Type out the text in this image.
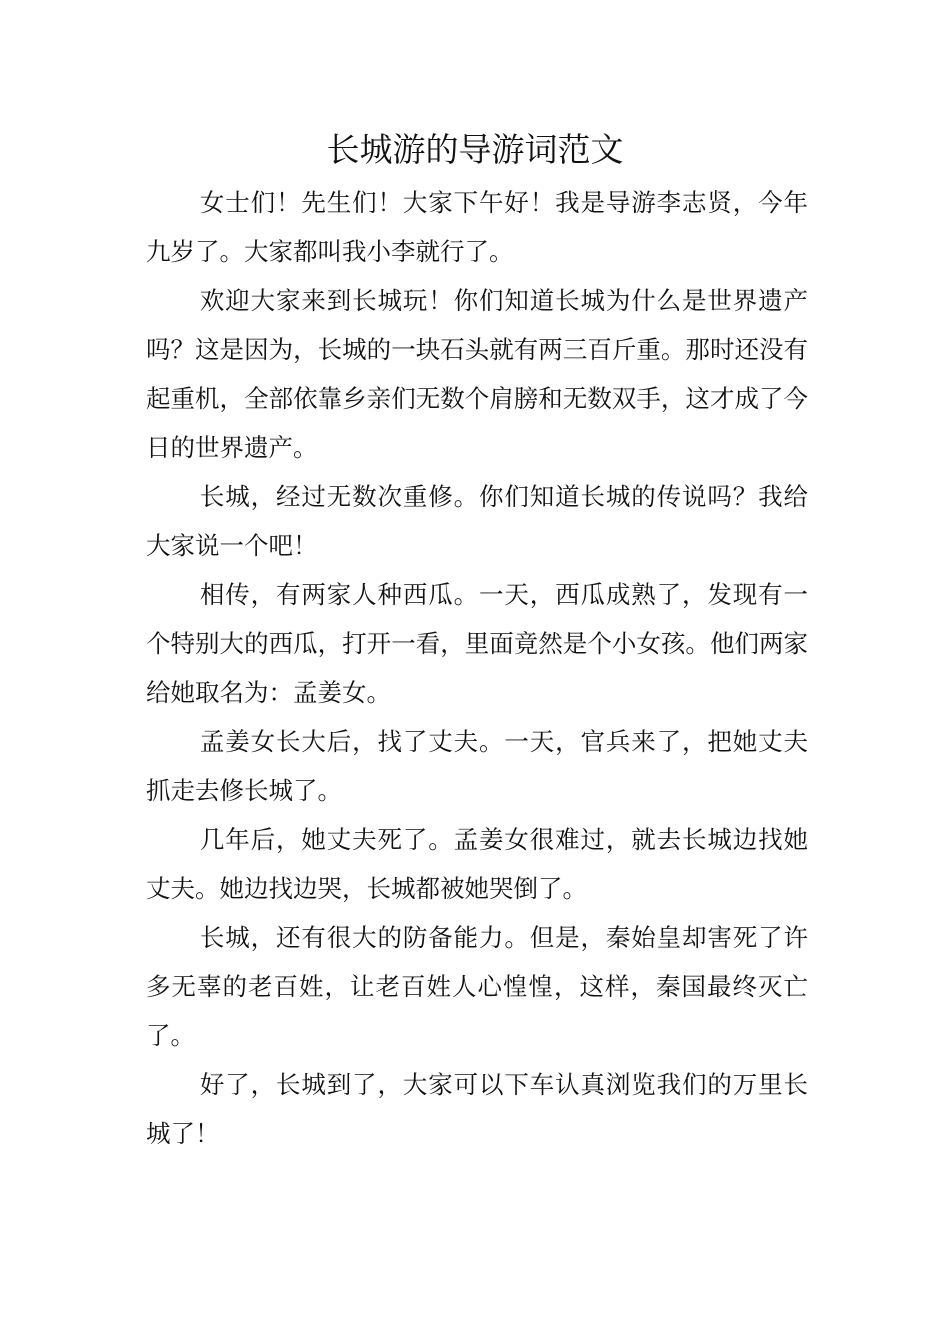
长城游的导游词范文

女士们！先生们！大家下午好！我是导游李志贤，今年九岁了。大家都叫我小李就行了。

欢迎大家来到长城玩！你们知道长城为什么是世界遗产吗？这是因为，长城的一块石头就有两三百斤重。那时还没有起重机，全部依靠乡亲们无数个肩膀和无数双手，这才成了今日的世界遗产。

长城，经过无数次重修。你们知道长城的传说吗？我给大家说一个吧！

相传，有两家人种西瓜。一天，西瓜成熟了，发现有一个特别大的西瓜，打开一看，里面竟然是个小女孩。他们两家给她取名为：孟姜女。

孟姜女长大后，找了丈夫。一天，官兵来了，把她丈夫抓走去修长城了。

几年后，她丈夫死了。孟姜女很难过，就去长城边找她丈夫。她边找边哭，长城都被她哭倒了。

长城，还有很大的防备能力。但是，秦始皇却害死了许多无辜的老百姓，让老百姓人心惶惶，这样，秦国最终灭亡了。

好了，长城到了，大家可以下车认真浏览我们的万里长城了！
